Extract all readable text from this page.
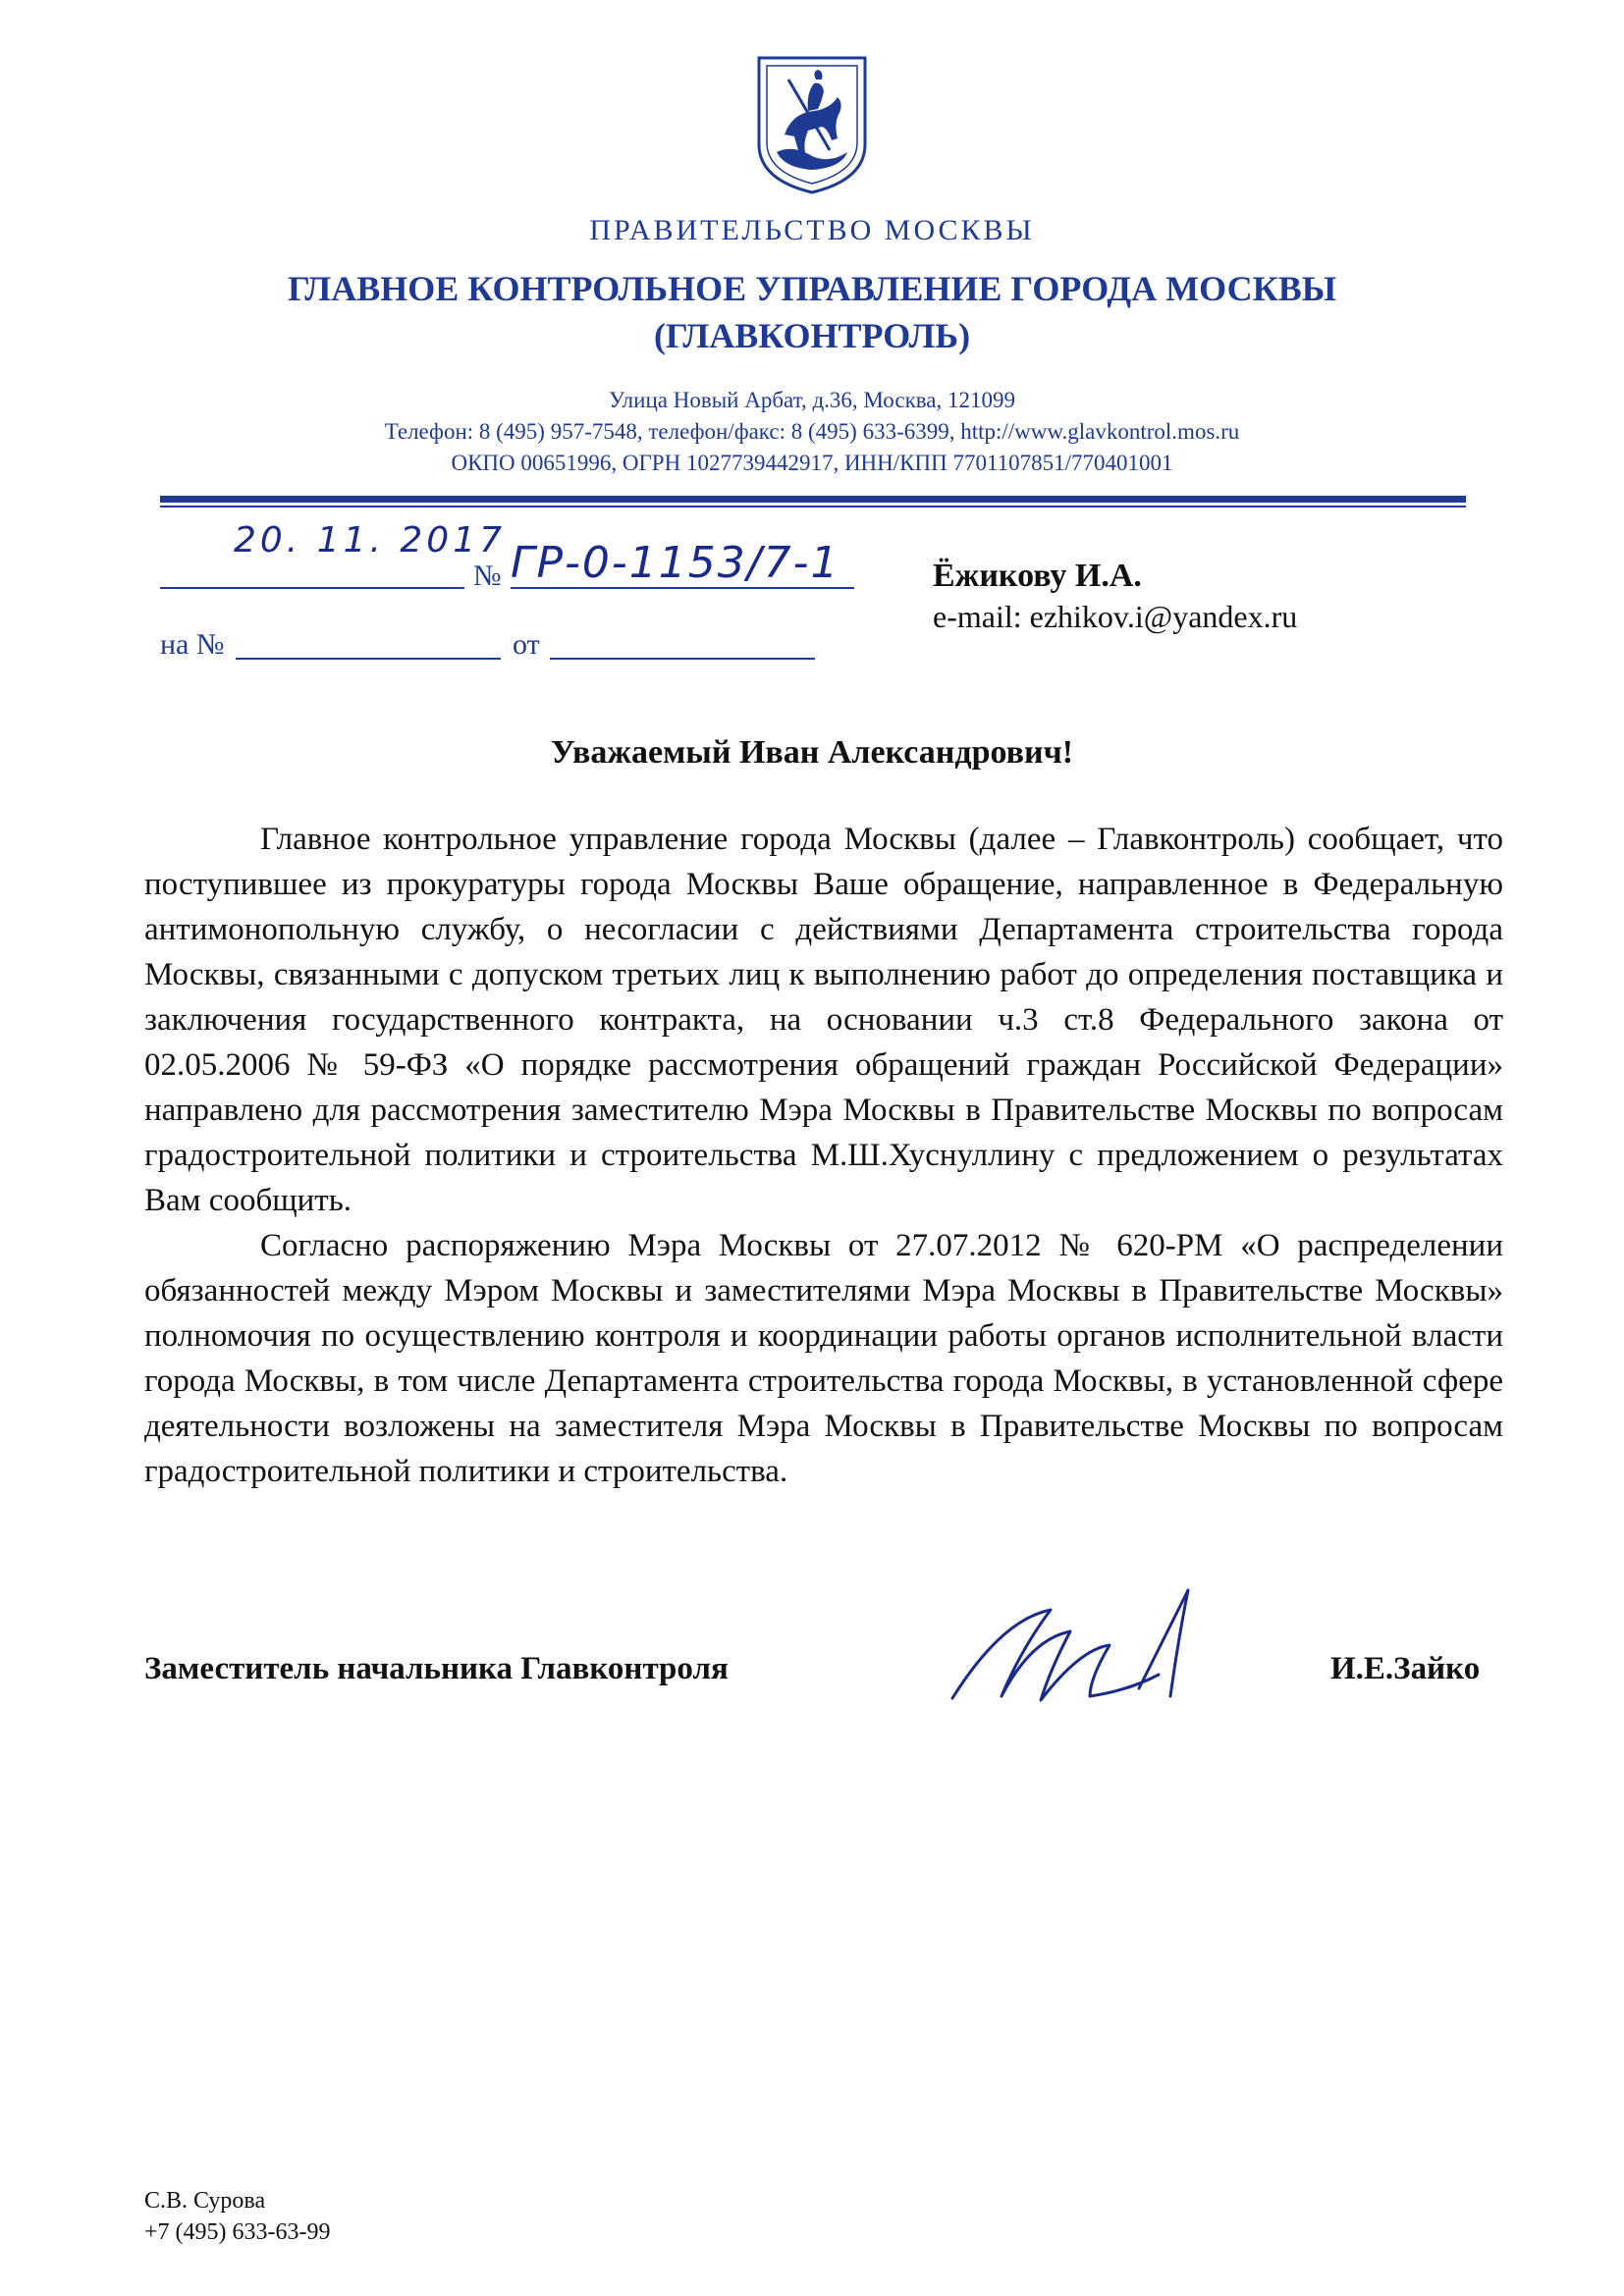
ПРАВИТЕЛЬСТВО МОСКВЫ
ГЛАВНОЕ КОНТРОЛЬНОЕ УПРАВЛЕНИЕ ГОРОДА МОСКВЫ
(ГЛАВКОНТРОЛЬ)
Улица Новый Арбат, д.36, Москва, 121099
Телефон: 8 (495) 957-7548, телефон/факс: 8 (495) 633-6399, http://www.glavkontrol.mos.ru
ОКПО 00651996, ОГРН 1027739442917, ИНН/КПП 7701107851/770401001
20. 11. 2017
№ ГР-0-1153/7-1
на №	от
Ёжикову И.А.
e-mail: ezhikov.i@yandex.ru
Уважаемый Иван Александрович!

Главное контрольное управление города Москвы (далее – Главконтроль) сообщает, что поступившее из прокуратуры города Москвы Ваше обращение, направленное в Федеральную антимонопольную службу, о несогласии с действиями Департамента строительства города Москвы, связанными с допуском третьих лиц к выполнению работ до определения поставщика и заключения государственного контракта, на основании ч.3 ст.8 Федерального закона от 02.05.2006 № 59-ФЗ «О порядке рассмотрения обращений граждан Российской Федерации» направлено для рассмотрения заместителю Мэра Москвы в Правительстве Москвы по вопросам градостроительной политики и строительства М.Ш.Хуснуллину с предложением о результатах Вам сообщить.

Согласно распоряжению Мэра Москвы от 27.07.2012 № 620-РМ «О распределении обязанностей между Мэром Москвы и заместителями Мэра Москвы в Правительстве Москвы» полномочия по осуществлению контроля и координации работы органов исполнительной власти города Москвы, в том числе Департамента строительства города Москвы, в установленной сфере деятельности возложены на заместителя Мэра Москвы в Правительстве Москвы по вопросам градостроительной политики и строительства.

Заместитель начальника Главконтроля	И.Е.Зайко
С.В. Сурова
+7 (495) 633-63-99
